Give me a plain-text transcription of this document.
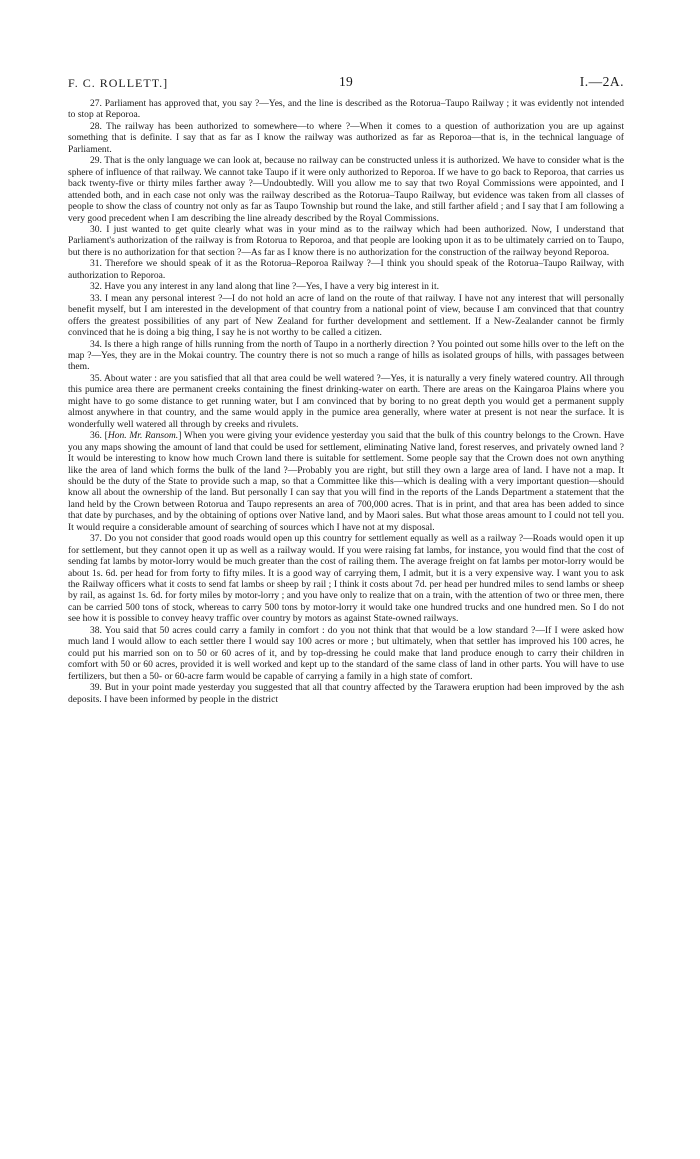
F. C. ROLLETT.]	19	I.—2A.

27. Parliament has approved that, you say ?—Yes, and the line is described as the Rotorua–Taupo Railway ; it was evidently not intended to stop at Reporoa.

28. The railway has been authorized to somewhere—to where ?—When it comes to a question of authorization you are up against something that is definite. I say that as far as I know the railway was authorized as far as Reporoa—that is, in the technical language of Parliament.

29. That is the only language we can look at, because no railway can be constructed unless it is authorized. We have to consider what is the sphere of influence of that railway. We cannot take Taupo if it were only authorized to Reporoa. If we have to go back to Reporoa, that carries us back twenty-five or thirty miles farther away ?—Undoubtedly. Will you allow me to say that two Royal Commissions were appointed, and I attended both, and in each case not only was the railway described as the Rotorua–Taupo Railway, but evidence was taken from all classes of people to show the class of country not only as far as Taupo Township but round the lake, and still farther afield ; and I say that I am following a very good precedent when I am describing the line already described by the Royal Commissions.

30. I just wanted to get quite clearly what was in your mind as to the railway which had been authorized. Now, I understand that Parliament's authorization of the railway is from Rotorua to Reporoa, and that people are looking upon it as to be ultimately carried on to Taupo, but there is no authorization for that section ?—As far as I know there is no authorization for the construction of the railway beyond Reporoa.

31. Therefore we should speak of it as the Rotorua–Reporoa Railway ?—I think you should speak of the Rotorua–Taupo Railway, with authorization to Reporoa.

32. Have you any interest in any land along that line ?—Yes, I have a very big interest in it.

33. I mean any personal interest ?—I do not hold an acre of land on the route of that railway. I have not any interest that will personally benefit myself, but I am interested in the development of that country from a national point of view, because I am convinced that that country offers the greatest possibilities of any part of New Zealand for further development and settlement. If a New-Zealander cannot be firmly convinced that he is doing a big thing, I say he is not worthy to be called a citizen.

34. Is there a high range of hills running from the north of Taupo in a northerly direction ? You pointed out some hills over to the left on the map ?—Yes, they are in the Mokai country. The country there is not so much a range of hills as isolated groups of hills, with passages between them.

35. About water : are you satisfied that all that area could be well watered ?—Yes, it is naturally a very finely watered country. All through this pumice area there are permanent creeks containing the finest drinking-water on earth. There are areas on the Kaingaroa Plains where you might have to go some distance to get running water, but I am convinced that by boring to no great depth you would get a permanent supply almost anywhere in that country, and the same would apply in the pumice area generally, where water at present is not near the surface. It is wonderfully well watered all through by creeks and rivulets.

36. [Hon. Mr. Ransom.] When you were giving your evidence yesterday you said that the bulk of this country belongs to the Crown. Have you any maps showing the amount of land that could be used for settlement, eliminating Native land, forest reserves, and privately owned land ? It would be interesting to know how much Crown land there is suitable for settlement. Some people say that the Crown does not own anything like the area of land which forms the bulk of the land ?—Probably you are right, but still they own a large area of land. I have not a map. It should be the duty of the State to provide such a map, so that a Committee like this—which is dealing with a very important question—should know all about the ownership of the land. But personally I can say that you will find in the reports of the Lands Department a statement that the land held by the Crown between Rotorua and Taupo represents an area of 700,000 acres. That is in print, and that area has been added to since that date by purchases, and by the obtaining of options over Native land, and by Maori sales. But what those areas amount to I could not tell you. It would require a considerable amount of searching of sources which I have not at my disposal.

37. Do you not consider that good roads would open up this country for settlement equally as well as a railway ?—Roads would open it up for settlement, but they cannot open it up as well as a railway would. If you were raising fat lambs, for instance, you would find that the cost of sending fat lambs by motor-lorry would be much greater than the cost of railing them. The average freight on fat lambs per motor-lorry would be about 1s. 6d. per head for from forty to fifty miles. It is a good way of carrying them, I admit, but it is a very expensive way. I want you to ask the Railway officers what it costs to send fat lambs or sheep by rail ; I think it costs about 7d. per head per hundred miles to send lambs or sheep by rail, as against 1s. 6d. for forty miles by motor-lorry ; and you have only to realize that on a train, with the attention of two or three men, there can be carried 500 tons of stock, whereas to carry 500 tons by motor-lorry it would take one hundred trucks and one hundred men. So I do not see how it is possible to convey heavy traffic over country by motors as against State-owned railways.

38. You said that 50 acres could carry a family in comfort : do you not think that that would be a low standard ?—If I were asked how much land I would allow to each settler there I would say 100 acres or more ; but ultimately, when that settler has improved his 100 acres, he could put his married son on to 50 or 60 acres of it, and by top-dressing he could make that land produce enough to carry their children in comfort with 50 or 60 acres, provided it is well worked and kept up to the standard of the same class of land in other parts. You will have to use fertilizers, but then a 50- or 60-acre farm would be capable of carrying a family in a high state of comfort.

39. But in your point made yesterday you suggested that all that country affected by the Tarawera eruption had been improved by the ash deposits. I have been informed by people in the district
